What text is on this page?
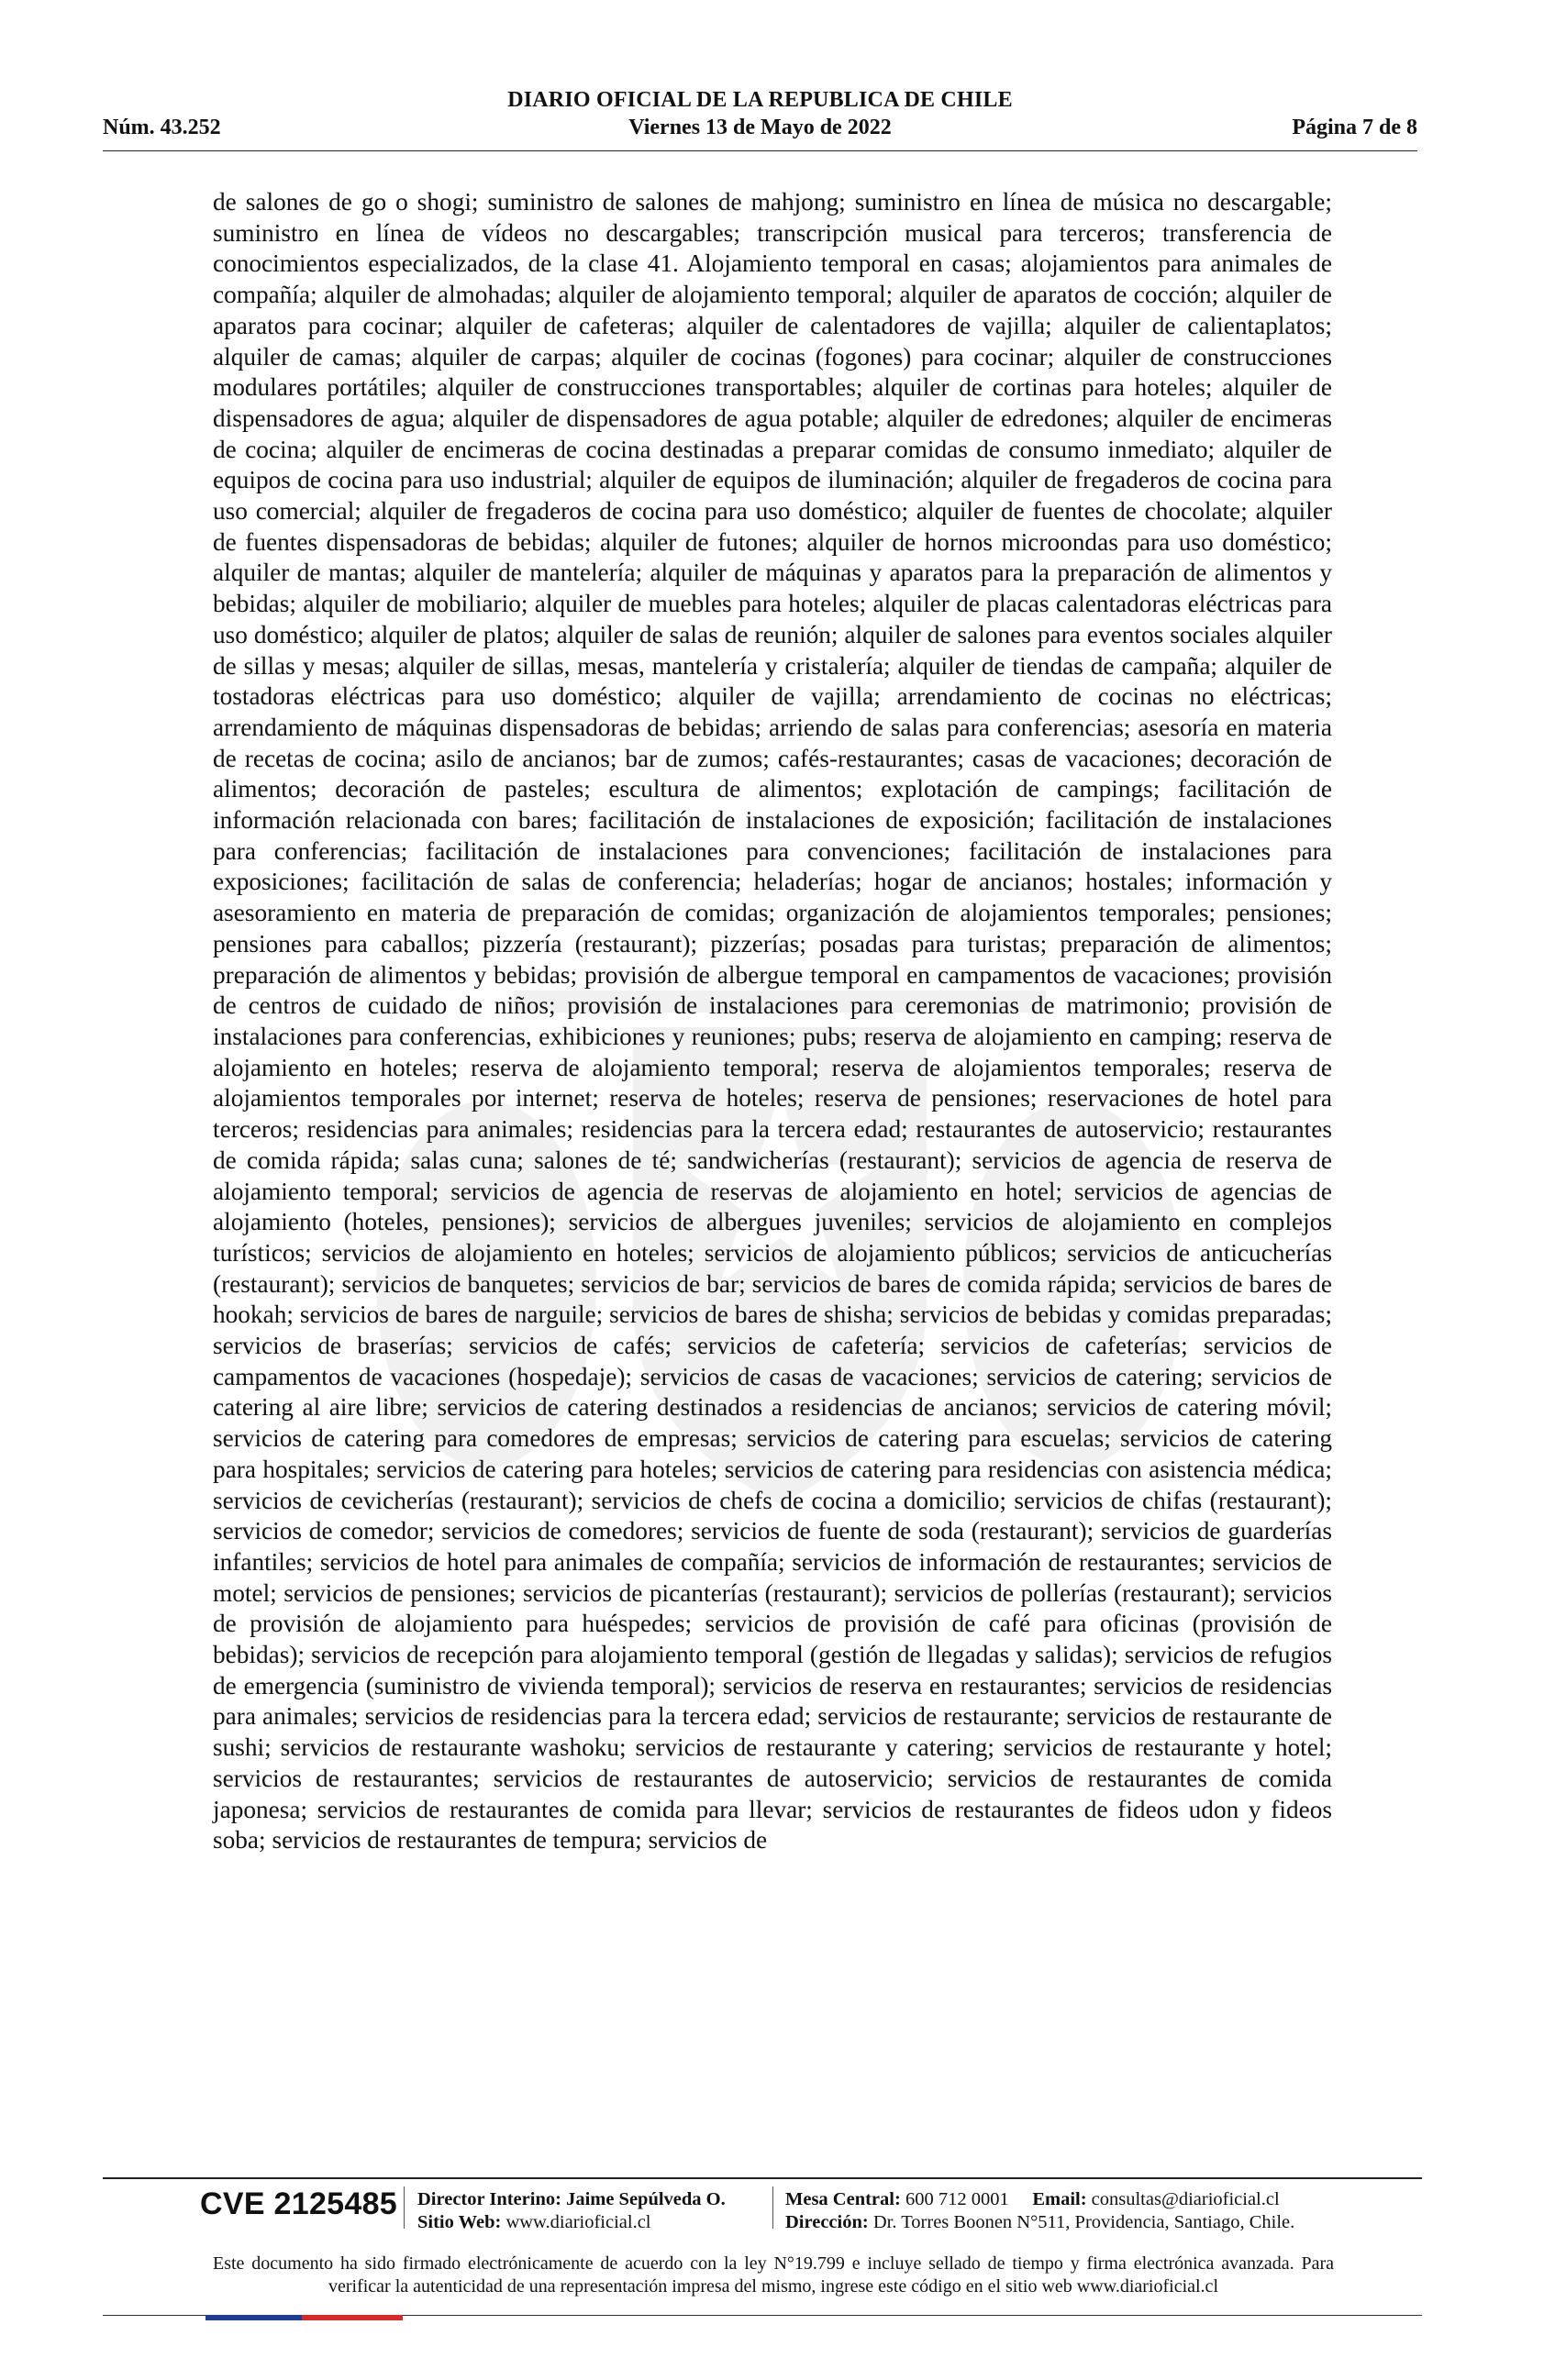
DIARIO OFICIAL DE LA REPUBLICA DE CHILE
Núm. 43.252	Viernes 13 de Mayo de 2022	Página 7 de 8
de salones de go o shogi; suministro de salones de mahjong; suministro en línea de música no descargable; suministro en línea de vídeos no descargables; transcripción musical para terceros; transferencia de conocimientos especializados, de la clase 41. Alojamiento temporal en casas; alojamientos para animales de compañía; alquiler de almohadas; alquiler de alojamiento temporal; alquiler de aparatos de cocción; alquiler de aparatos para cocinar; alquiler de cafeteras; alquiler de calentadores de vajilla; alquiler de calientaplatos; alquiler de camas; alquiler de carpas; alquiler de cocinas (fogones) para cocinar; alquiler de construcciones modulares portátiles; alquiler de construcciones transportables; alquiler de cortinas para hoteles; alquiler de dispensadores de agua; alquiler de dispensadores de agua potable; alquiler de edredones; alquiler de encimeras de cocina; alquiler de encimeras de cocina destinadas a preparar comidas de consumo inmediato; alquiler de equipos de cocina para uso industrial; alquiler de equipos de iluminación; alquiler de fregaderos de cocina para uso comercial; alquiler de fregaderos de cocina para uso doméstico; alquiler de fuentes de chocolate; alquiler de fuentes dispensadoras de bebidas; alquiler de futones; alquiler de hornos microondas para uso doméstico; alquiler de mantas; alquiler de mantelería; alquiler de máquinas y aparatos para la preparación de alimentos y bebidas; alquiler de mobiliario; alquiler de muebles para hoteles; alquiler de placas calentadoras eléctricas para uso doméstico; alquiler de platos; alquiler de salas de reunión; alquiler de salones para eventos sociales alquiler de sillas y mesas; alquiler de sillas, mesas, mantelería y cristalería; alquiler de tiendas de campaña; alquiler de tostadoras eléctricas para uso doméstico; alquiler de vajilla; arrendamiento de cocinas no eléctricas; arrendamiento de máquinas dispensadoras de bebidas; arriendo de salas para conferencias; asesoría en materia de recetas de cocina; asilo de ancianos; bar de zumos; cafés-restaurantes; casas de vacaciones; decoración de alimentos; decoración de pasteles; escultura de alimentos; explotación de campings; facilitación de información relacionada con bares; facilitación de instalaciones de exposición; facilitación de instalaciones para conferencias; facilitación de instalaciones para convenciones; facilitación de instalaciones para exposiciones; facilitación de salas de conferencia; heladerías; hogar de ancianos; hostales; información y asesoramiento en materia de preparación de comidas; organización de alojamientos temporales; pensiones; pensiones para caballos; pizzería (restaurant); pizzerías; posadas para turistas; preparación de alimentos; preparación de alimentos y bebidas; provisión de albergue temporal en campamentos de vacaciones; provisión de centros de cuidado de niños; provisión de instalaciones para ceremonias de matrimonio; provisión de instalaciones para conferencias, exhibiciones y reuniones; pubs; reserva de alojamiento en camping; reserva de alojamiento en hoteles; reserva de alojamiento temporal; reserva de alojamientos temporales; reserva de alojamientos temporales por internet; reserva de hoteles; reserva de pensiones; reservaciones de hotel para terceros; residencias para animales; residencias para la tercera edad; restaurantes de autoservicio; restaurantes de comida rápida; salas cuna; salones de té; sandwicherías (restaurant); servicios de agencia de reserva de alojamiento temporal; servicios de agencia de reservas de alojamiento en hotel; servicios de agencias de alojamiento (hoteles, pensiones); servicios de albergues juveniles; servicios de alojamiento en complejos turísticos; servicios de alojamiento en hoteles; servicios de alojamiento públicos; servicios de anticucherías (restaurant); servicios de banquetes; servicios de bar; servicios de bares de comida rápida; servicios de bares de hookah; servicios de bares de narguile; servicios de bares de shisha; servicios de bebidas y comidas preparadas; servicios de braserías; servicios de cafés; servicios de cafetería; servicios de cafeterías; servicios de campamentos de vacaciones (hospedaje); servicios de casas de vacaciones; servicios de catering; servicios de catering al aire libre; servicios de catering destinados a residencias de ancianos; servicios de catering móvil; servicios de catering para comedores de empresas; servicios de catering para escuelas; servicios de catering para hospitales; servicios de catering para hoteles; servicios de catering para residencias con asistencia médica; servicios de cevicherías (restaurant); servicios de chefs de cocina a domicilio; servicios de chifas (restaurant); servicios de comedor; servicios de comedores; servicios de fuente de soda (restaurant); servicios de guarderías infantiles; servicios de hotel para animales de compañía; servicios de información de restaurantes; servicios de motel; servicios de pensiones; servicios de picanterías (restaurant); servicios de pollerías (restaurant); servicios de provisión de alojamiento para huéspedes; servicios de provisión de café para oficinas (provisión de bebidas); servicios de recepción para alojamiento temporal (gestión de llegadas y salidas); servicios de refugios de emergencia (suministro de vivienda temporal); servicios de reserva en restaurantes; servicios de residencias para animales; servicios de residencias para la tercera edad; servicios de restaurante; servicios de restaurante de sushi; servicios de restaurante washoku; servicios de restaurante y catering; servicios de restaurante y hotel; servicios de restaurantes; servicios de restaurantes de autoservicio; servicios de restaurantes de comida japonesa; servicios de restaurantes de comida para llevar; servicios de restaurantes de fideos udon y fideos soba; servicios de restaurantes de tempura; servicios de
CVE 2125485 Director Interino: Jaime Sepúlveda O.
Sitio Web: www.diarioficial.cl
Mesa Central: 600 712 0001 Email: consultas@diarioficial.cl
Dirección: Dr. Torres Boonen N°511, Providencia, Santiago, Chile.
Este documento ha sido firmado electrónicamente de acuerdo con la ley N°19.799 e incluye sellado de tiempo y firma electrónica avanzada. Para verificar la autenticidad de una representación impresa del mismo, ingrese este código en el sitio web www.diarioficial.cl
